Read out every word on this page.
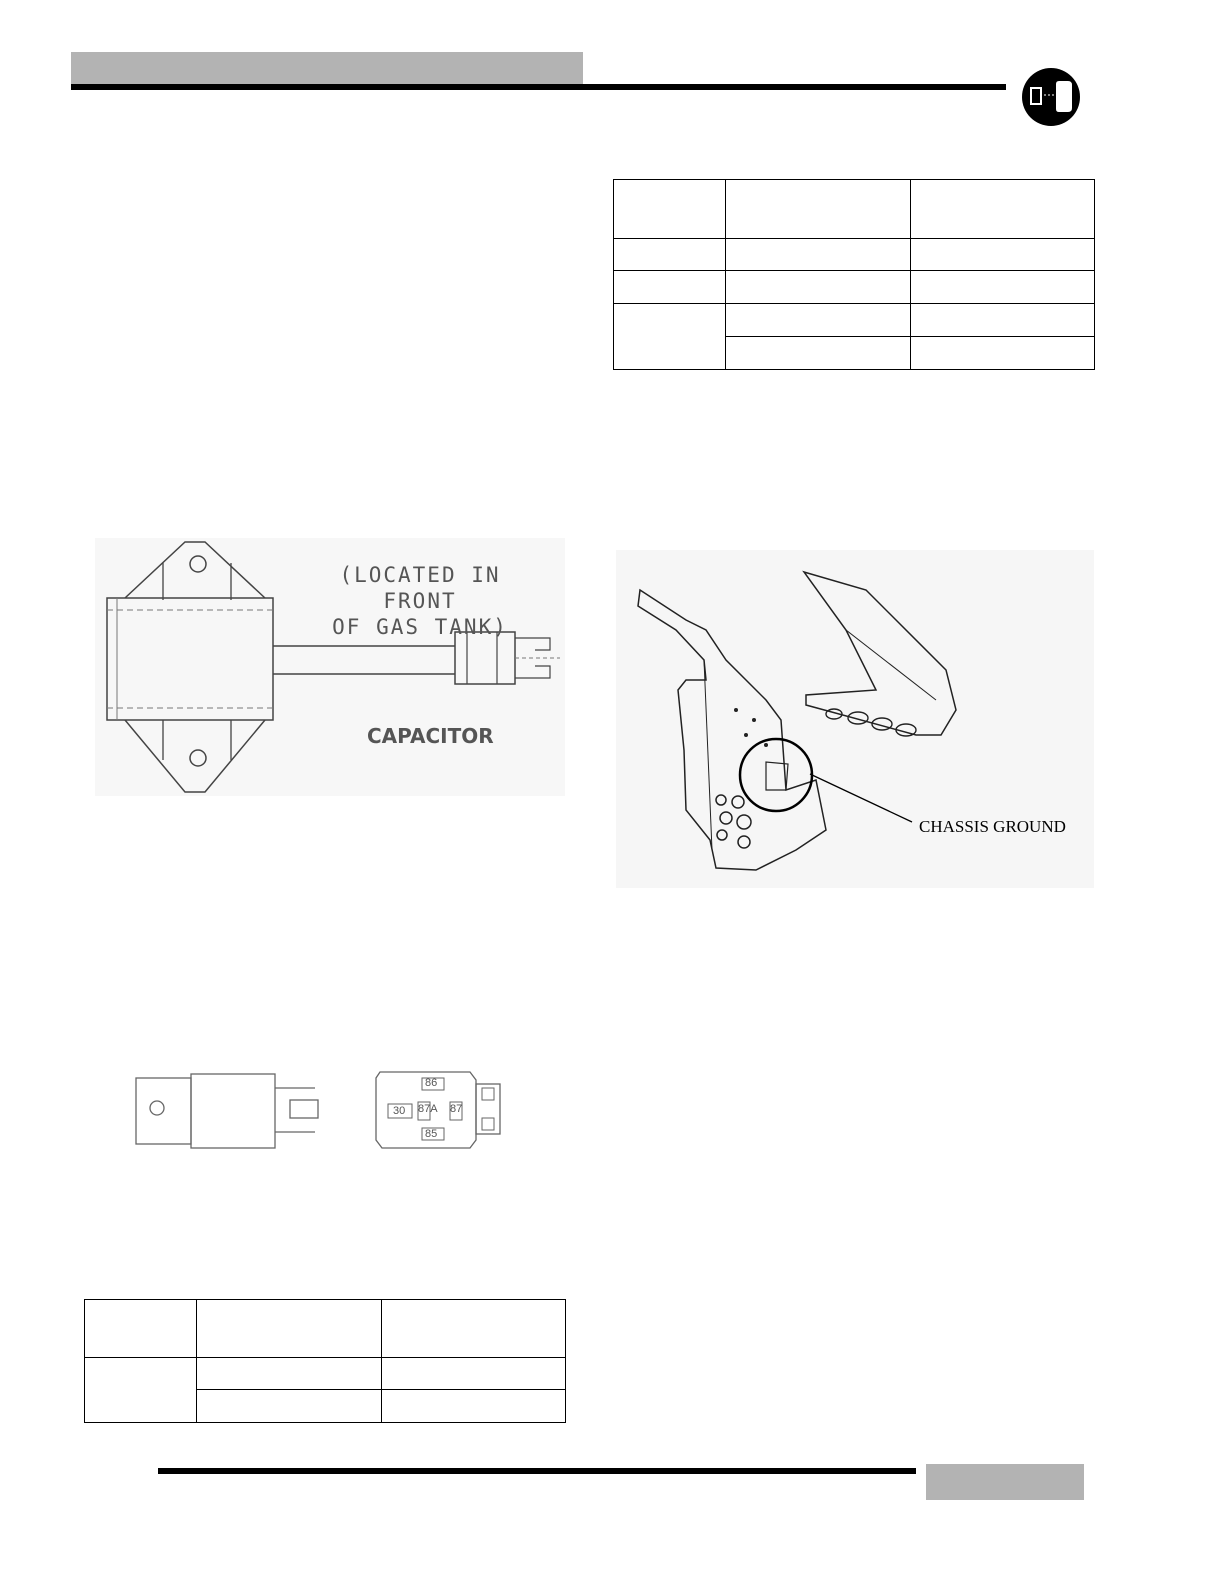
(LOCATED IN FRONT
OF GAS TANK)
CAPACITOR
CHASSIS GROUND
86
30 87A 87
85
